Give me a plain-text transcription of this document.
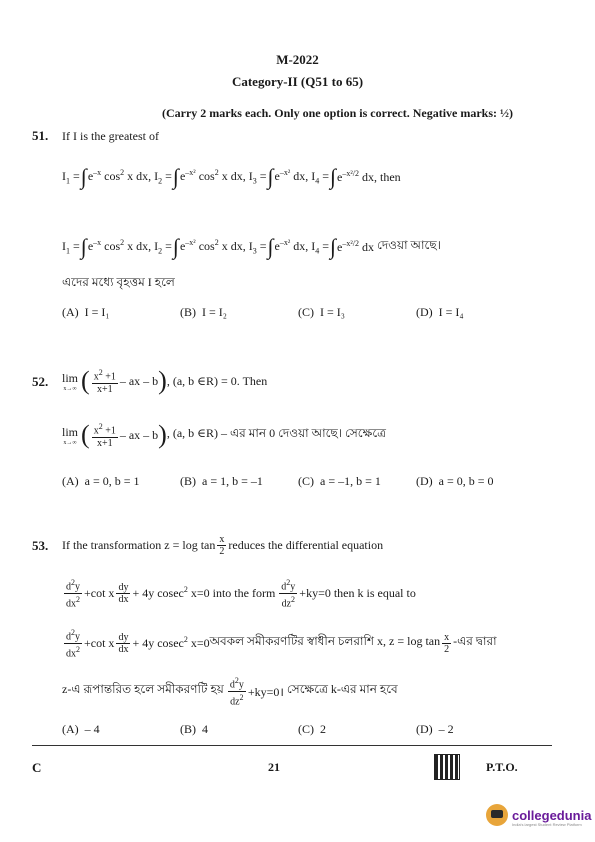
M-2022
Category-II (Q51 to 65)
(Carry 2 marks each. Only one option is correct. Negative marks: ½)
51. If I is the greatest of
$I_1$ = ∫ $e^{-x}$ $\cos^2 x$ dx, $I_2$ = ∫ $e^{-x^2}$ $\cos^2 x$ dx, $I_3$ = ∫ $e^{-x^2}$ dx, $I_4$ = ∫ $e^{-x^2/2}$ dx , then
$I_1$ = ∫ $e^{-x}$ $\cos^2 x$ dx, $I_2$ = ∫ $e^{-x^2}$ $\cos^2 x$ dx, $I_3$ = ∫ $e^{-x^2}$ dx, $I_4$ = ∫ $e^{-x^2/2}$ dx দেওয়া আছে।
এদের মধ্যে বৃহত্তম I হলে
(A) I = I₁	(B) I = I₂	(C) I = I₃	(D) I = I₄
52. lim
x→∞ ( $\frac{x^2 +1}{x+1}$ – ax – b ) , (a, b ∈R) = 0. Then
lim
x→∞ ( $\frac{x^2 +1}{x+1}$ – ax – b ) , (a, b ∈R) – এর মান 0 দেওয়া আছে। সেক্ষেত্রে
(A) a = 0, b = 1	(B) a = 1, b = –1	(C) a = –1, b = 1	(D) a = 0, b = 0
53. If the transformation $z = \log \tan \frac{x}{2}$ reduces the differential equation
$\frac{d^2y}{dx^2} +\cot$ x $\frac{dy}{dx} + 4y$ cosec$^2$ x=0 into the form $\frac{d^2y}{dz^2} +ky=0$ then k is equal to
$\frac{d^2y}{dx^2} +\cot$ x $\frac{dy}{dx} + 4y$ cosec$^2$ x=0 অবকল সমীকরণটির স্বাধীন চলরাশি x, $z = \log \tan \frac{x}{2}$ -এর দ্বারা
z-এ রূপান্তরিত হলে সমীকরণটি হয় $\frac{d^2y}{dz^2}$ +ky=0। সেক্ষেত্রে k-এর মান হবে
(A) – 4	(B) 4	(C) 2	(D) – 2
C	21	P.T.O.
collegedunia
India's largest Student Review Platform
